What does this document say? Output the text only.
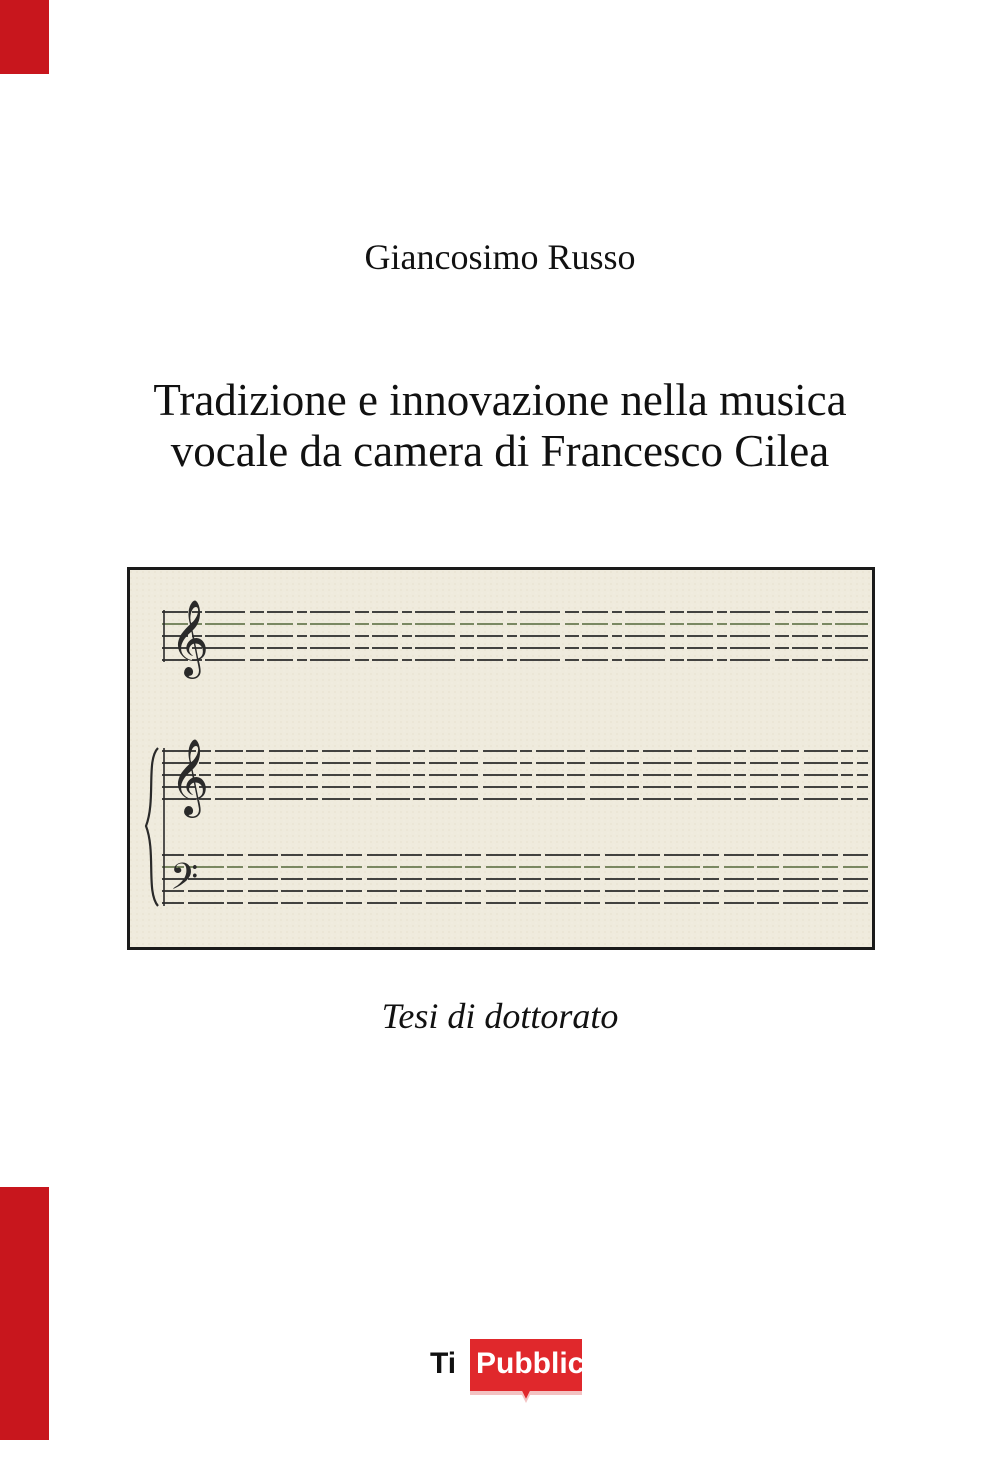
Giancosimo Russo
Tradizione e innovazione nella musica
vocale da camera di Francesco Cilea
𝄞
𝄞
𝄢
Tesi di dottorato
Ti Pubblica
